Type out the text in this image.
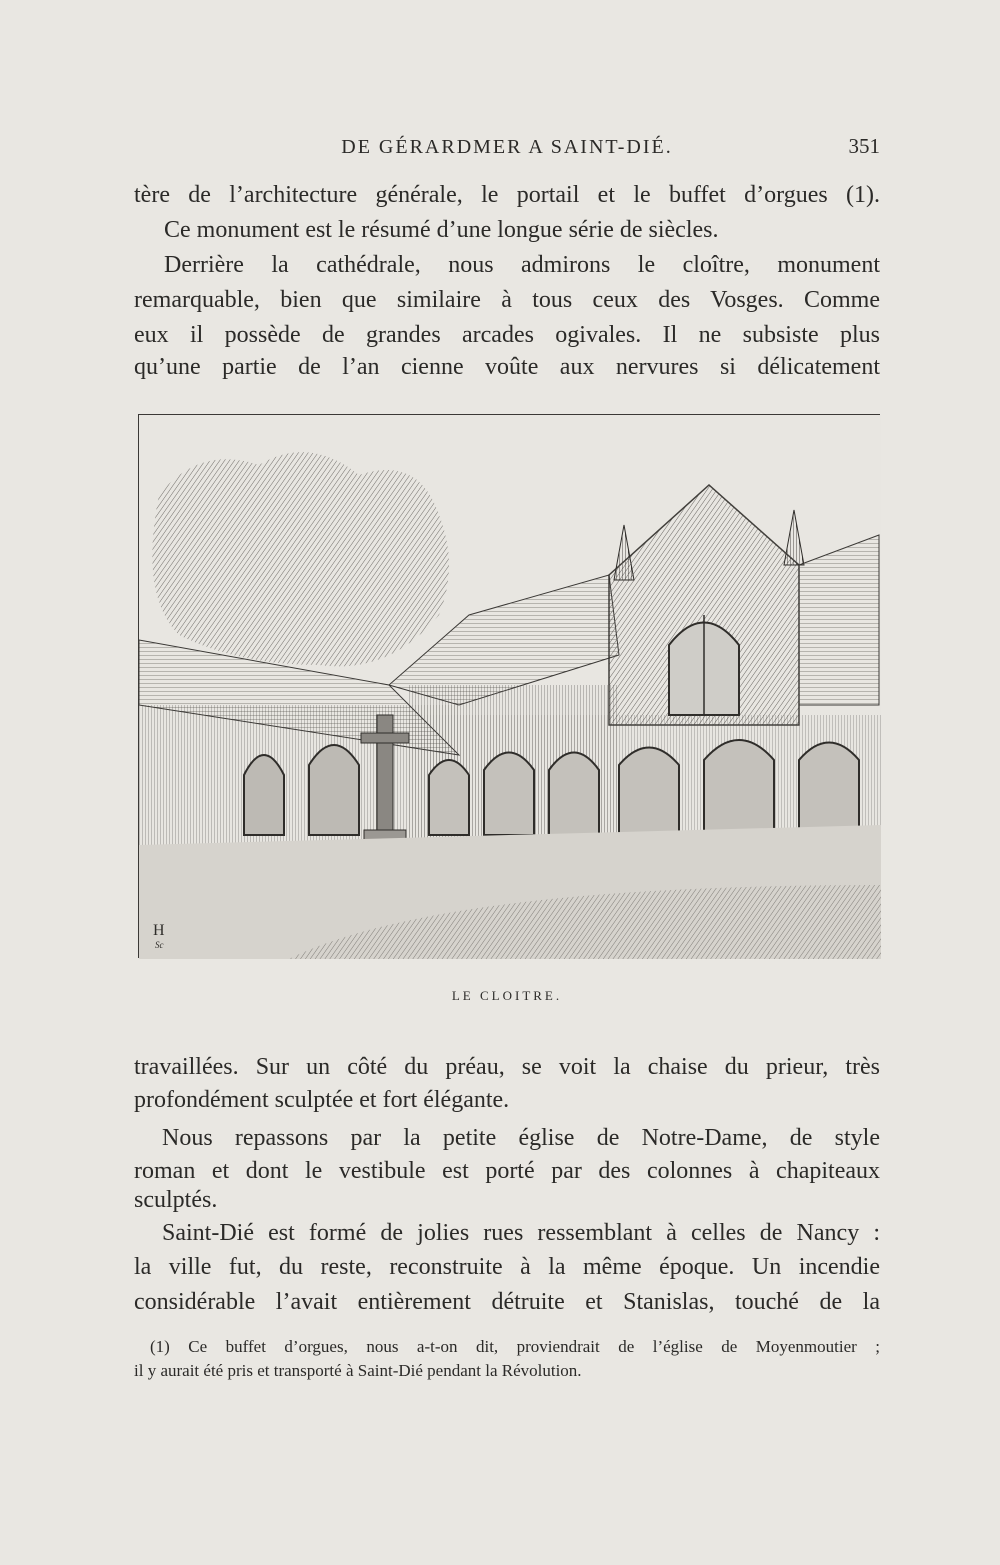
DE GÉRARDMER A SAINT-DIÉ.	351

tère de l’architecture générale, le portail et le buffet d’orgues (1).

Ce monument est le résumé d’une longue série de siècles.

Derrière la cathédrale, nous admirons le cloître, monument

remarquable, bien que similaire à tous ceux des Vosges. Comme

eux il possède de grandes arcades ogivales. Il ne subsiste plus

qu’une partie de l’an cienne voûte aux nervures si délicatement

H
Sc
LE CLOITRE.

travaillées. Sur un côté du préau, se voit la chaise du prieur, très

profondément sculptée et fort élégante.

Nous repassons par la petite église de Notre-Dame, de style

roman et dont le vestibule est porté par des colonnes à chapiteaux

sculptés.

Saint-Dié est formé de jolies rues ressemblant à celles de Nancy :

la ville fut, du reste, reconstruite à la même époque. Un incendie

considérable l’avait entièrement détruite et Stanislas, touché de la

(1) Ce buffet d’orgues, nous a-t-on dit, proviendrait de l’église de Moyenmoutier ;

il y aurait été pris et transporté à Saint-Dié pendant la Révolution.
